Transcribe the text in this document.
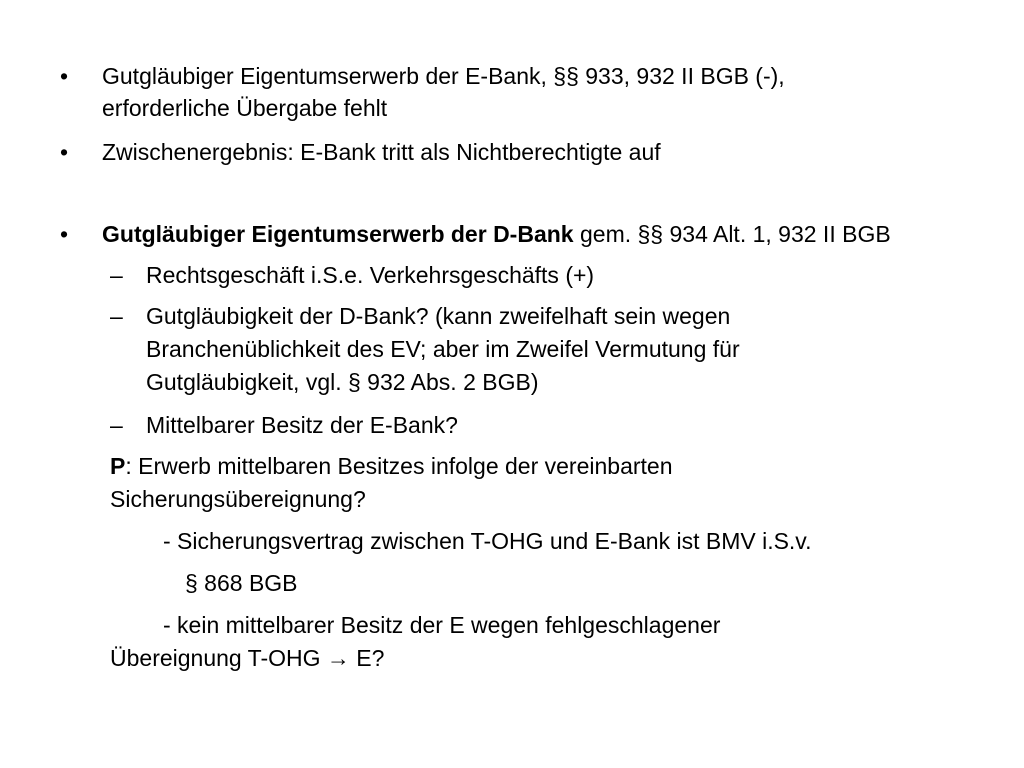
• Gutgläubiger Eigentumserwerb der E-Bank, §§ 933, 932 II BGB (-),
erforderliche Übergabe fehlt
• Zwischenergebnis: E-Bank tritt als Nichtberechtigte auf
• Gutgläubiger Eigentumserwerb der D-Bank gem. §§ 934 Alt. 1, 932 II BGB
– Rechtsgeschäft i.S.e. Verkehrsgeschäfts (+)
– Gutgläubigkeit der D-Bank? (kann zweifelhaft sein wegen
Branchenüblichkeit des EV; aber im Zweifel Vermutung für
Gutgläubigkeit, vgl. § 932 Abs. 2 BGB)
– Mittelbarer Besitz der E-Bank?
P: Erwerb mittelbaren Besitzes infolge der vereinbarten
Sicherungsübereignung?
- Sicherungsvertrag zwischen T-OHG und E-Bank ist BMV i.S.v.
§ 868 BGB
- kein mittelbarer Besitz der E wegen fehlgeschlagener
Übereignung T-OHG → E?
